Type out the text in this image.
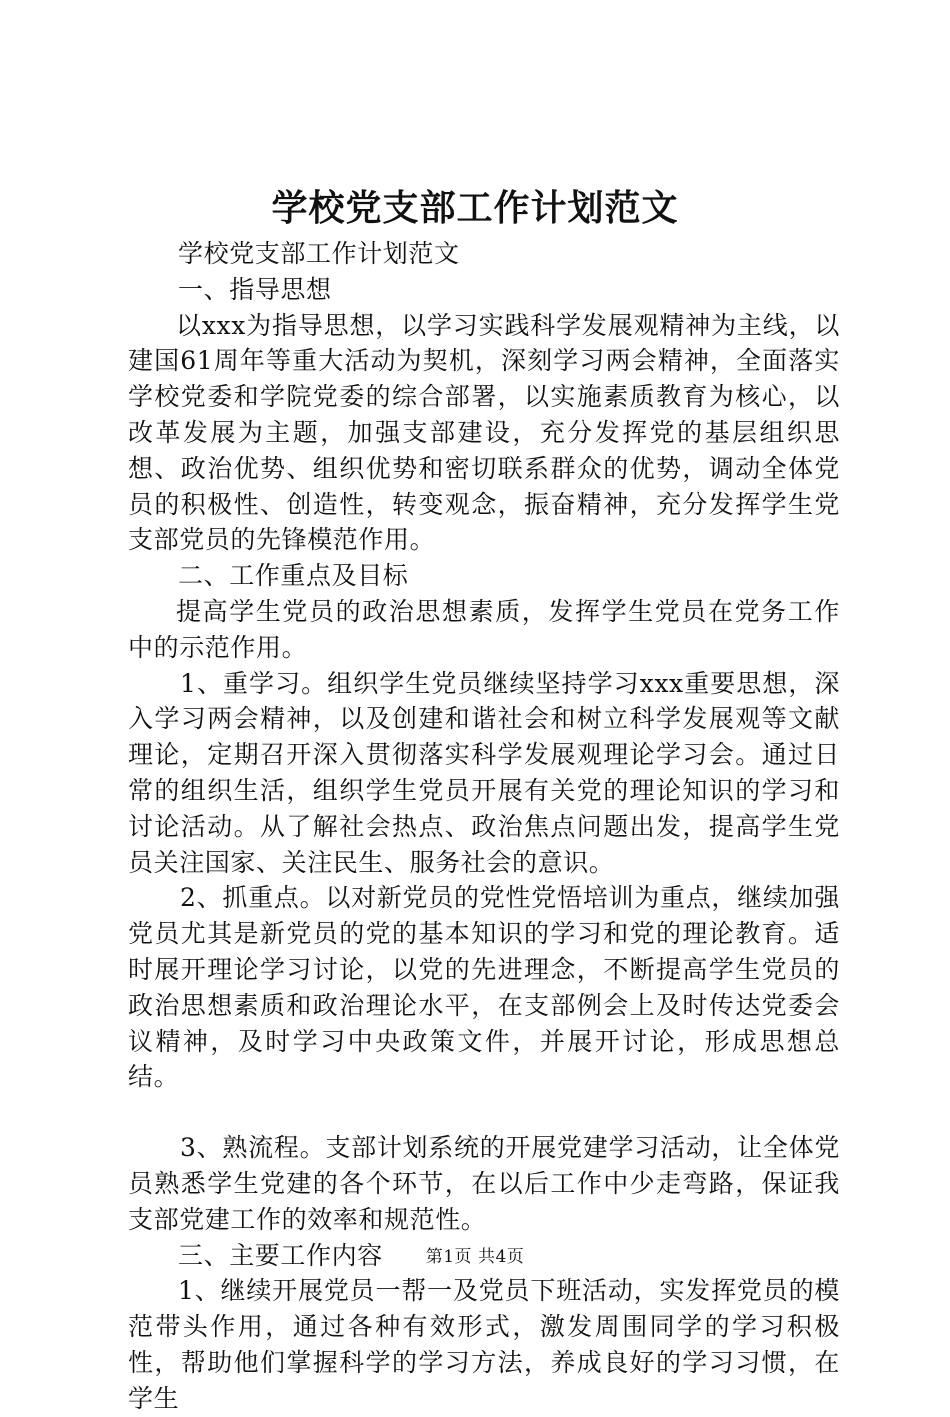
学校党支部工作计划范文

学校党支部工作计划范文

一、指导思想

以xxx为指导思想，以学习实践科学发展观精神为主线，以建国61周年等重大活动为契机，深刻学习两会精神，全面落实学校党委和学院党委的综合部署，以实施素质教育为核心，以改革发展为主题，加强支部建设，充分发挥党的基层组织思想、政治优势、组织优势和密切联系群众的优势，调动全体党员的积极性、创造性，转变观念，振奋精神，充分发挥学生党支部党员的先锋模范作用。

二、工作重点及目标

提高学生党员的政治思想素质，发挥学生党员在党务工作中的示范作用。

1、重学习。组织学生党员继续坚持学习xxx重要思想，深入学习两会精神，以及创建和谐社会和树立科学发展观等文献理论，定期召开深入贯彻落实科学发展观理论学习会。通过日常的组织生活，组织学生党员开展有关党的理论知识的学习和讨论活动。从了解社会热点、政治焦点问题出发，提高学生党员关注国家、关注民生、服务社会的意识。

2、抓重点。以对新党员的党性党悟培训为重点，继续加强党员尤其是新党员的党的基本知识的学习和党的理论教育。适时展开理论学习讨论，以党的先进理念，不断提高学生党员的政治思想素质和政治理论水平，在支部例会上及时传达党委会议精神，及时学习中央政策文件，并展开讨论，形成思想总结。

3、熟流程。支部计划系统的开展党建学习活动，让全体党员熟悉学生党建的各个环节，在以后工作中少走弯路，保证我支部党建工作的效率和规范性。

三、主要工作内容

1、继续开展党员一帮一及党员下班活动，实发挥党员的模范带头作用，通过各种有效形式，激发周围同学的学习积极性，帮助他们掌握科学的学习方法，养成良好的学习习惯，在学生

第1页 共4页
